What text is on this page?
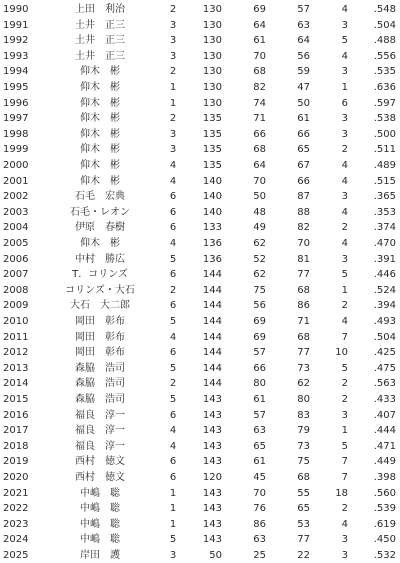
1990	上田　利治	2	130	69	57	4	.548
1991	土井　正三	3	130	64	63	3	.504
1992	土井　正三	3	130	61	64	5	.488
1993	土井　正三	3	130	70	56	4	.556
1994	仰木　彬	2	130	68	59	3	.535
1995	仰木　彬	1	130	82	47	1	.636
1996	仰木　彬	1	130	74	50	6	.597
1997	仰木　彬	2	135	71	61	3	.538
1998	仰木　彬	3	135	66	66	3	.500
1999	仰木　彬	3	135	68	65	2	.511
2000	仰木　彬	4	135	64	67	4	.489
2001	仰木　彬	4	140	70	66	4	.515
2002	石毛　宏典	6	140	50	87	3	.365
2003	石毛・レオン	6	140	48	88	4	.353
2004	伊原　春樹	6	133	49	82	2	.374
2005	仰木　彬	4	136	62	70	4	.470
2006	中村　勝広	5	136	52	81	3	.391
2007	T．コリンズ	6	144	62	77	5	.446
2008	コリンズ・大石	2	144	75	68	1	.524
2009	大石　大二郎	6	144	56	86	2	.394
2010	岡田　彰布	5	144	69	71	4	.493
2011	岡田　彰布	4	144	69	68	7	.504
2012	岡田　彰布	6	144	57	77	10	.425
2013	森脇　浩司	5	144	66	73	5	.475
2014	森脇　浩司	2	144	80	62	2	.563
2015	森脇　浩司	5	143	61	80	2	.433
2016	福良　淳一	6	143	57	83	3	.407
2017	福良　淳一	4	143	63	79	1	.444
2018	福良　淳一	4	143	65	73	5	.471
2019	西村　徳文	6	143	61	75	7	.449
2020	西村　徳文	6	120	45	68	7	.398
2021	中嶋　聡	1	143	70	55	18	.560
2022	中嶋　聡	1	143	76	65	2	.539
2023	中嶋　聡	1	143	86	53	4	.619
2024	中嶋　聡	5	143	63	77	3	.450
2025	岸田　護	3	50	25	22	3	.532
